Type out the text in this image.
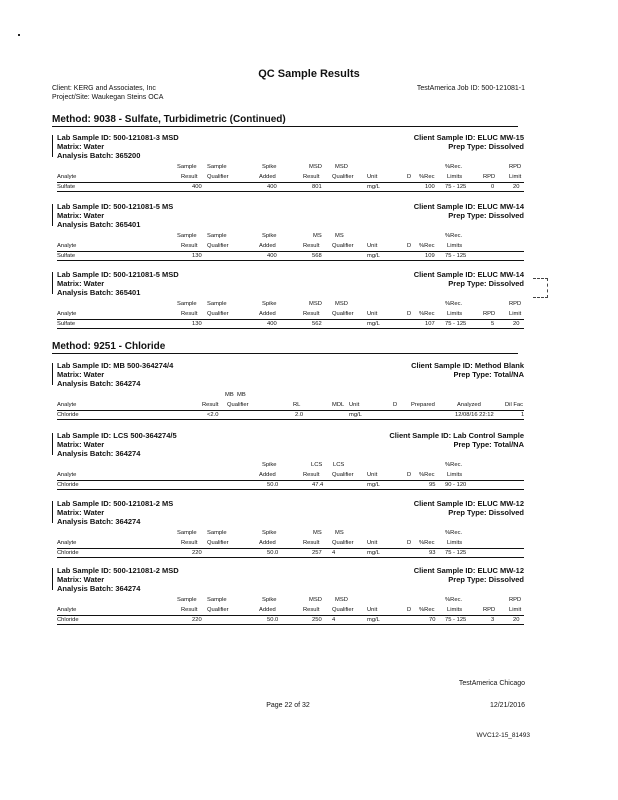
QC Sample Results
Client: KERG and Associates, Inc
Project/Site: Waukegan Steins OCA
TestAmerica Job ID: 500-121081-1
Method: 9038 - Sulfate, Turbidimetric (Continued)
Lab Sample ID: 500-121081-3 MSD
Matrix: Water
Analysis Batch: 365200
Client Sample ID: ELUC MW-15
Prep Type: Dissolved
Sample Sample	Spike	MSD MSD	%Rec.	RPD
Analyte	Result Qualifier	Added	Result Qualifier Unit	D %Rec Limits	RPD Limit
Sulfate	400	400	801	mg/L	100 75 - 125	0	20
Lab Sample ID: 500-121081-5 MS
Matrix: Water
Analysis Batch: 365401
Client Sample ID: ELUC MW-14
Prep Type: Dissolved
Sample Sample	Spike	MS MS	%Rec.
Analyte	Result Qualifier	Added	Result Qualifier Unit	D %Rec Limits
Sulfate	130	400	568	mg/L	109 75 - 125
Lab Sample ID: 500-121081-5 MSD
Matrix: Water
Analysis Batch: 365401
Client Sample ID: ELUC MW-14
Prep Type: Dissolved
Sample Sample	Spike	MSD MSD	%Rec.	RPD
Analyte	Result Qualifier	Added	Result Qualifier Unit	D %Rec Limits	RPD Limit
Sulfate	130	400	562	mg/L	107 75 - 125	5	20
Method: 9251 - Chloride
Lab Sample ID: MB 500-364274/4
Matrix: Water
Analysis Batch: 364274
Client Sample ID: Method Blank
Prep Type: Total/NA
MB MB
Analyte	Result Qualifier	RL	MDL Unit	D Prepared	Analyzed	Dil Fac
Chloride	<2.0	2.0	mg/L	12/08/16 22:12	1
Lab Sample ID: LCS 500-364274/5
Matrix: Water
Analysis Batch: 364274
Client Sample ID: Lab Control Sample
Prep Type: Total/NA
Spike	LCS LCS	%Rec.
Analyte	Added	Result Qualifier Unit	D %Rec Limits
Chloride	50.0	47.4	mg/L	95 90 - 120
Lab Sample ID: 500-121081-2 MS
Matrix: Water
Analysis Batch: 364274
Client Sample ID: ELUC MW-12
Prep Type: Dissolved
Sample Sample	Spike	MS MS	%Rec.
Analyte	Result Qualifier	Added	Result Qualifier Unit	D %Rec Limits
Chloride	220	50.0	257 4	mg/L	93 75 - 125
Lab Sample ID: 500-121081-2 MSD
Matrix: Water
Analysis Batch: 364274
Client Sample ID: ELUC MW-12
Prep Type: Dissolved
Sample Sample	Spike	MSD MSD	%Rec.	RPD
Analyte	Result Qualifier	Added	Result Qualifier Unit	D %Rec Limits	RPD Limit
Chloride	220	50.0	250 4	mg/L	70 75 - 125	3	20
TestAmerica Chicago
Page 22 of 32	12/21/2016
WVC12-15_81493
